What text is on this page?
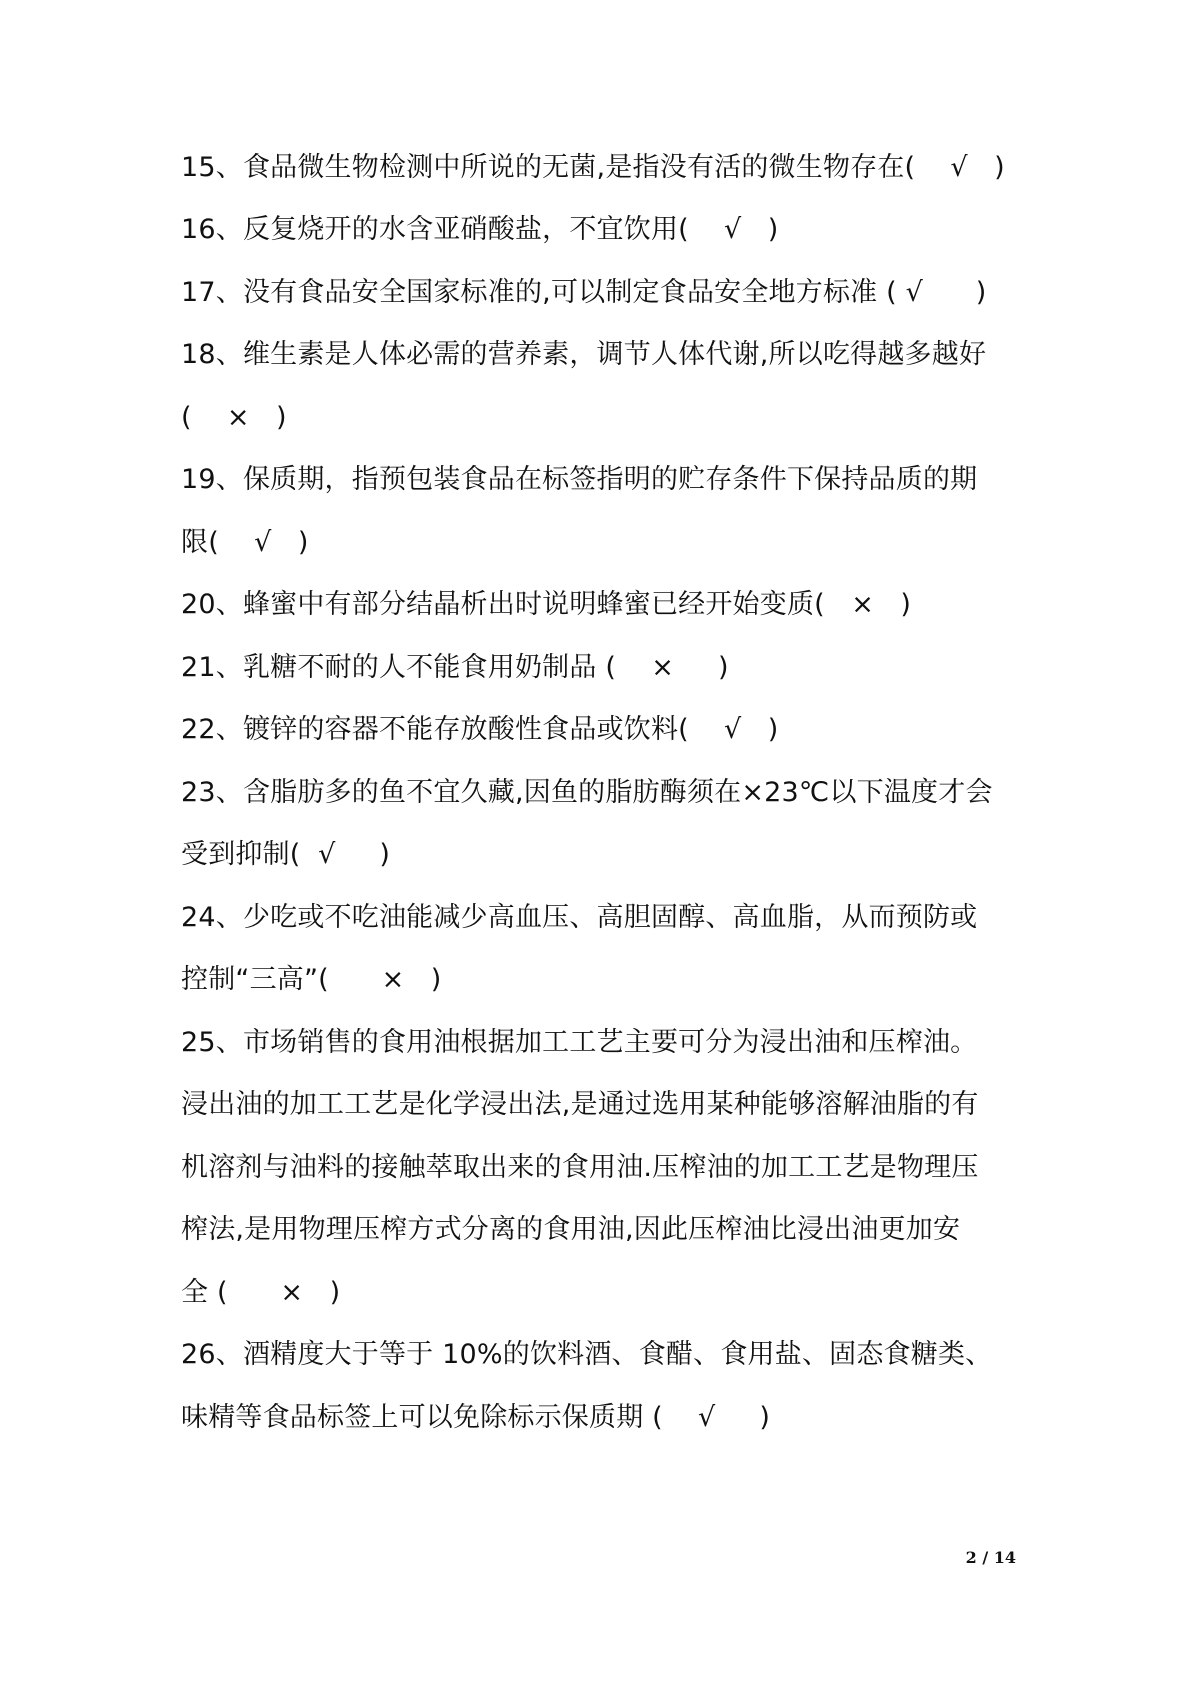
15、食品微生物检测中所说的无菌,是指没有活的微生物存在(    √   )
16、反复烧开的水含亚硝酸盐，不宜饮用(    √   )
17、没有食品安全国家标准的,可以制定食品安全地方标准 ( √      )
18、维生素是人体必需的营养素，调节人体代谢,所以吃得越多越好
(    ×   )
19、保质期，指预包装食品在标签指明的贮存条件下保持品质的期
限(    √   )
20、蜂蜜中有部分结晶析出时说明蜂蜜已经开始变质(   ×   )
21、乳糖不耐的人不能食用奶制品 (    ×     )
22、镀锌的容器不能存放酸性食品或饮料(    √   )
23、含脂肪多的鱼不宜久藏,因鱼的脂肪酶须在×23℃以下温度才会
受到抑制(  √     )
24、少吃或不吃油能减少高血压、高胆固醇、高血脂，从而预防或
控制“三高”(      ×   )
25、市场销售的食用油根据加工工艺主要可分为浸出油和压榨油。
浸出油的加工工艺是化学浸出法,是通过选用某种能够溶解油脂的有
机溶剂与油料的接触萃取出来的食用油.压榨油的加工工艺是物理压
榨法,是用物理压榨方式分离的食用油,因此压榨油比浸出油更加安
全 (      ×   )
26、酒精度大于等于 10%的饮料酒、食醋、食用盐、固态食糖类、
味精等食品标签上可以免除标示保质期 (    √     )
2 / 14
